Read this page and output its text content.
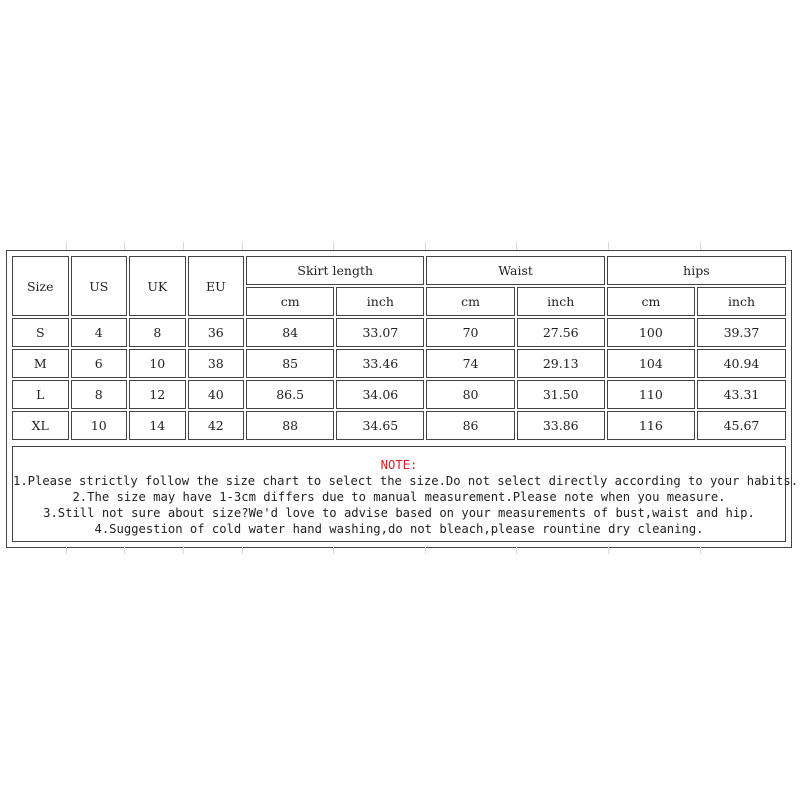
Size	US	UK	EU	Skirt length		Waist		hips	
				cm	inch	cm	inch	cm	inch
S	4	8	36	84	33.07	70	27.56	100	39.37
M	6	10	38	85	33.46	74	29.13	104	40.94
L	8	12	40	86.5	34.06	80	31.50	110	43.31
XL	10	14	42	88	34.65	86	33.86	116	45.67
NOTE:
1.Please strictly follow the size chart to select the size.Do not select directly according to your habits.
2.The size may have 1-3cm differs due to manual measurement.Please note when you measure.
3.Still not sure about size?We'd love to advise based on your measurements of bust,waist and hip.
4.Suggestion of cold water hand washing,do not bleach,please rountine dry cleaning.
